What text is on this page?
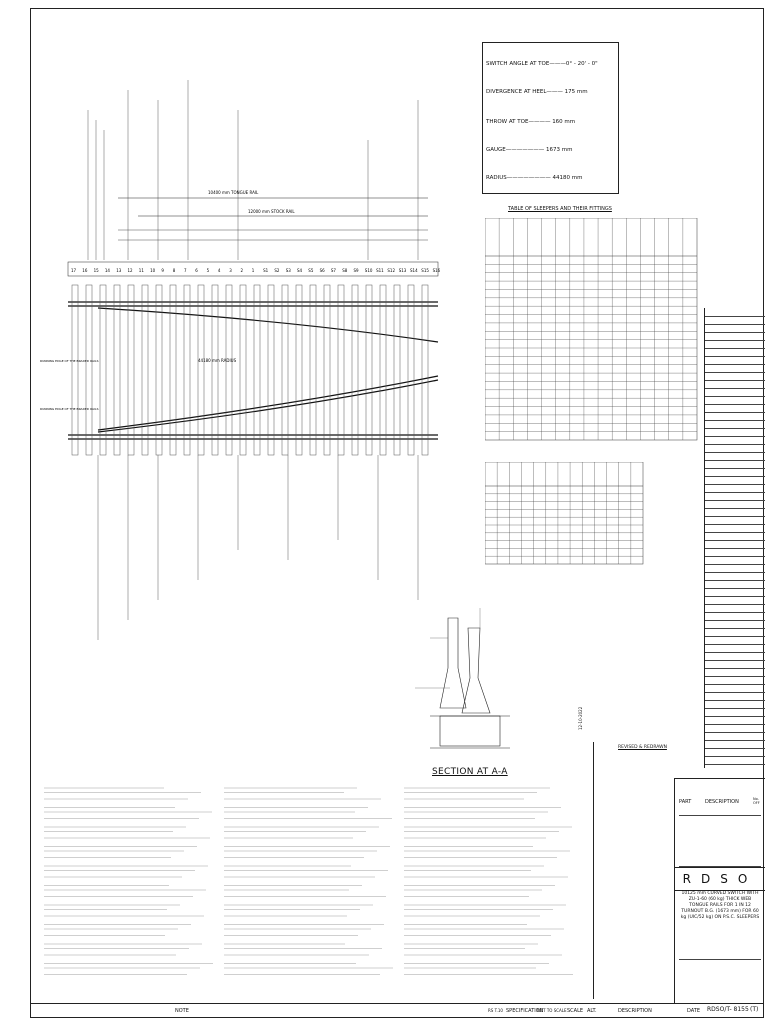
SWITCH ANGLE AT TOE———0° - 20' - 0"
DIVERGENCE AT HEEL——— 175 mm
THROW AT TOE———— 160 mm
GAUGE——————— 1673 mm
RADIUS———————— 44180 mm
10400 mm TONGUE RAIL
12000 mm STOCK RAIL
44180 mm RADIUS
RUNNING EDGE OF THE BRADED RAILS
RUNNING EDGE OF THE BRADED RAILS
17 16 15 14 13 12 11 10 9 8 7 6 5 4 3 2 1 S1 S2 S3 S4 S5 S6 S7 S8 S9 S10 S11 S12 S13 S14 S15 S16
TABLE OF SLEEPERS AND THEIR FITTINGS
SECTION AT A-A
REVISED & REDRAWN
12-10-2022
PART	DESCRIPTION	No. OFF
RDSO
10125 mm CURVED SWITCH WITH ZU-1-60 (60 kg) THICK WEB TONGUE RAILS FOR 1 IN 12 TURNOUT B.G. (1673 mm) FOR 60 kg (UIC/52 kg) ON P.S.C. SLEEPERS
NOTE	RS T.10 SPECIFICATION
NOT TO SCALE SCALE ALT.	DESCRIPTION	DATE RDSO/T- 8155 (T)
